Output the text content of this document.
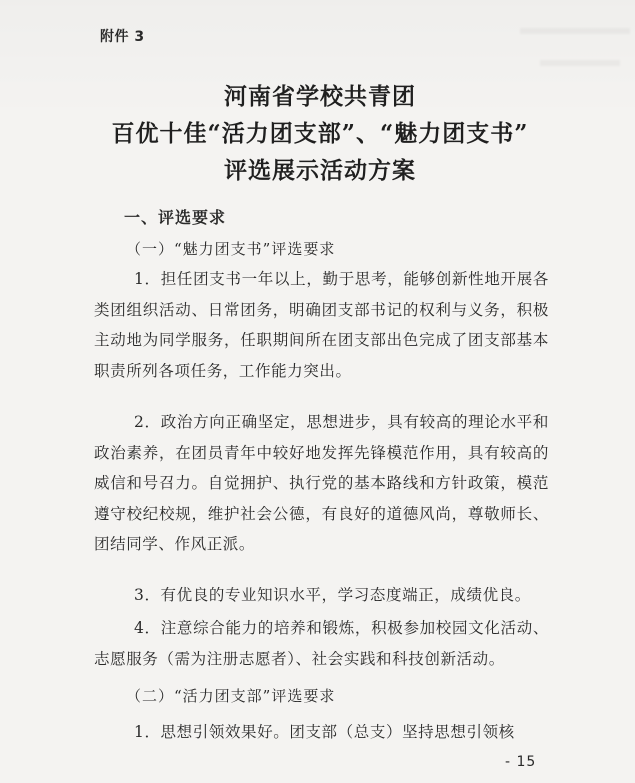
附件 3
河南省学校共青团
百优十佳“活力团支部”、“魅力团支书”
评选展示活动方案
一、评选要求
（一）“魅力团支书”评选要求

1．担任团支书一年以上，勤于思考，能够创新性地开展各类团组织活动、日常团务，明确团支部书记的权利与义务，积极主动地为同学服务，任职期间所在团支部出色完成了团支部基本职责所列各项任务，工作能力突出。

2．政治方向正确坚定，思想进步，具有较高的理论水平和政治素养，在团员青年中较好地发挥先锋模范作用，具有较高的威信和号召力。自觉拥护、执行党的基本路线和方针政策，模范遵守校纪校规，维护社会公德，有良好的道德风尚，尊敬师长、团结同学、作风正派。

3．有优良的专业知识水平，学习态度端正，成绩优良。

4．注意综合能力的培养和锻炼，积极参加校园文化活动、志愿服务（需为注册志愿者）、社会实践和科技创新活动。

（二）“活力团支部”评选要求

1．思想引领效果好。团支部（总支）坚持思想引领核

- 15
